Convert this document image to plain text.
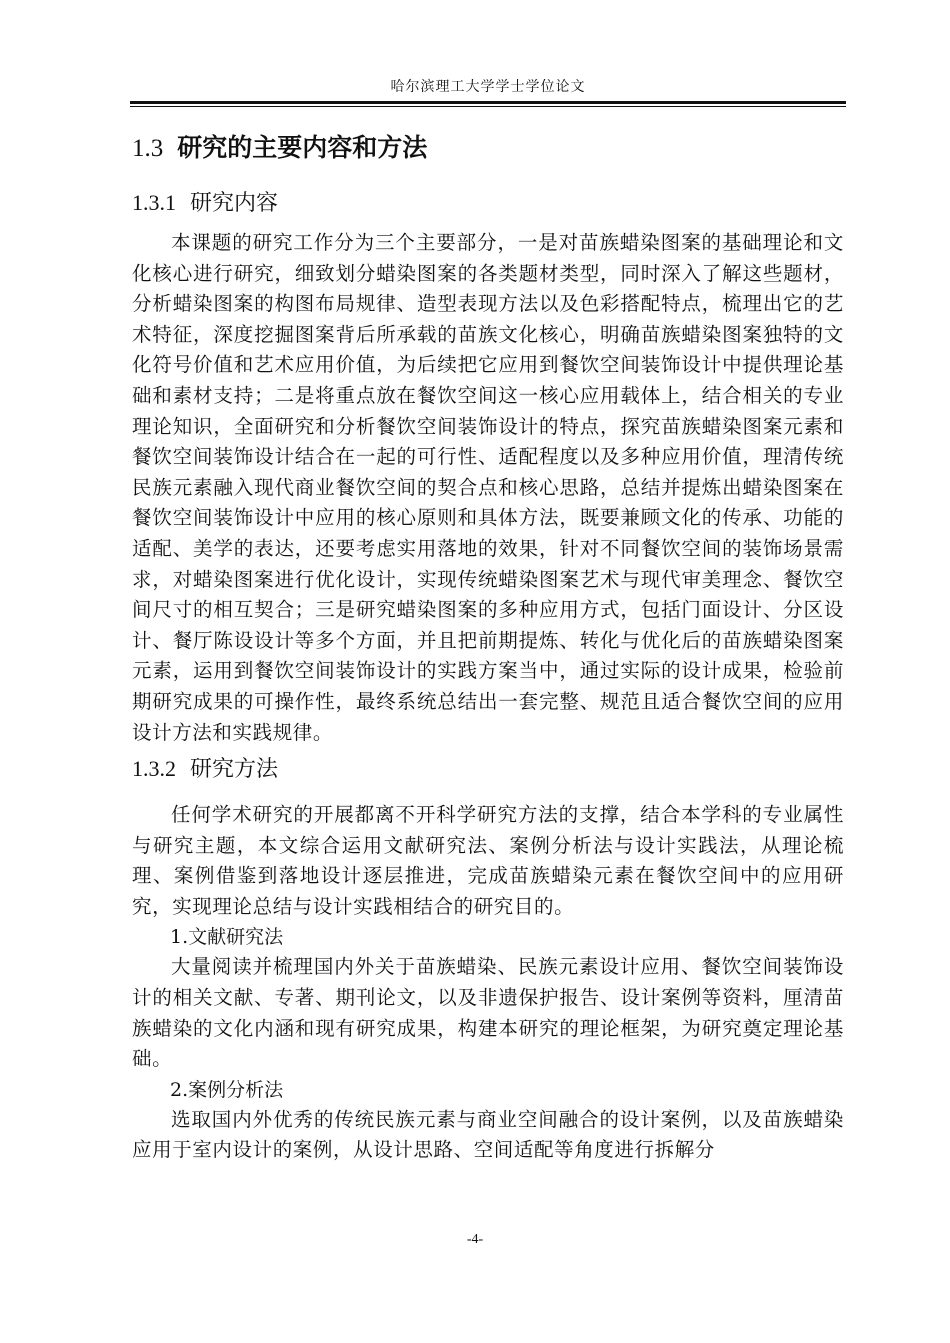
哈尔滨理工大学学士学位论文
1.3 研究的主要内容和方法
1.3.1 研究内容

本课题的研究工作分为三个主要部分，一是对苗族蜡染图案的基础理论和文化核心进行研究，细致划分蜡染图案的各类题材类型，同时深入了解这些题材，分析蜡染图案的构图布局规律、造型表现方法以及色彩搭配特点，梳理出它的艺术特征，深度挖掘图案背后所承载的苗族文化核心，明确苗族蜡染图案独特的文化符号价值和艺术应用价值，为后续把它应用到餐饮空间装饰设计中提供理论基础和素材支持；二是将重点放在餐饮空间这一核心应用载体上，结合相关的专业理论知识，全面研究和分析餐饮空间装饰设计的特点，探究苗族蜡染图案元素和餐饮空间装饰设计结合在一起的可行性、适配程度以及多种应用价值，理清传统民族元素融入现代商业餐饮空间的契合点和核心思路，总结并提炼出蜡染图案在餐饮空间装饰设计中应用的核心原则和具体方法，既要兼顾文化的传承、功能的适配、美学的表达，还要考虑实用落地的效果，针对不同餐饮空间的装饰场景需求，对蜡染图案进行优化设计，实现传统蜡染图案艺术与现代审美理念、餐饮空间尺寸的相互契合；三是研究蜡染图案的多种应用方式，包括门面设计、分区设计、餐厅陈设设计等多个方面，并且把前期提炼、转化与优化后的苗族蜡染图案元素，运用到餐饮空间装饰设计的实践方案当中，通过实际的设计成果，检验前期研究成果的可操作性，最终系统总结出一套完整、规范且适合餐饮空间的应用设计方法和实践规律。

1.3.2 研究方法

任何学术研究的开展都离不开科学研究方法的支撑，结合本学科的专业属性与研究主题，本文综合运用文献研究法、案例分析法与设计实践法，从理论梳理、案例借鉴到落地设计逐层推进，完成苗族蜡染元素在餐饮空间中的应用研究，实现理论总结与设计实践相结合的研究目的。

1.文献研究法

大量阅读并梳理国内外关于苗族蜡染、民族元素设计应用、餐饮空间装饰设计的相关文献、专著、期刊论文，以及非遗保护报告、设计案例等资料，厘清苗族蜡染的文化内涵和现有研究成果，构建本研究的理论框架，为研究奠定理论基础。

2.案例分析法

选取国内外优秀的传统民族元素与商业空间融合的设计案例，以及苗族蜡染应用于室内设计的案例，从设计思路、空间适配等角度进行拆解分

-4-
